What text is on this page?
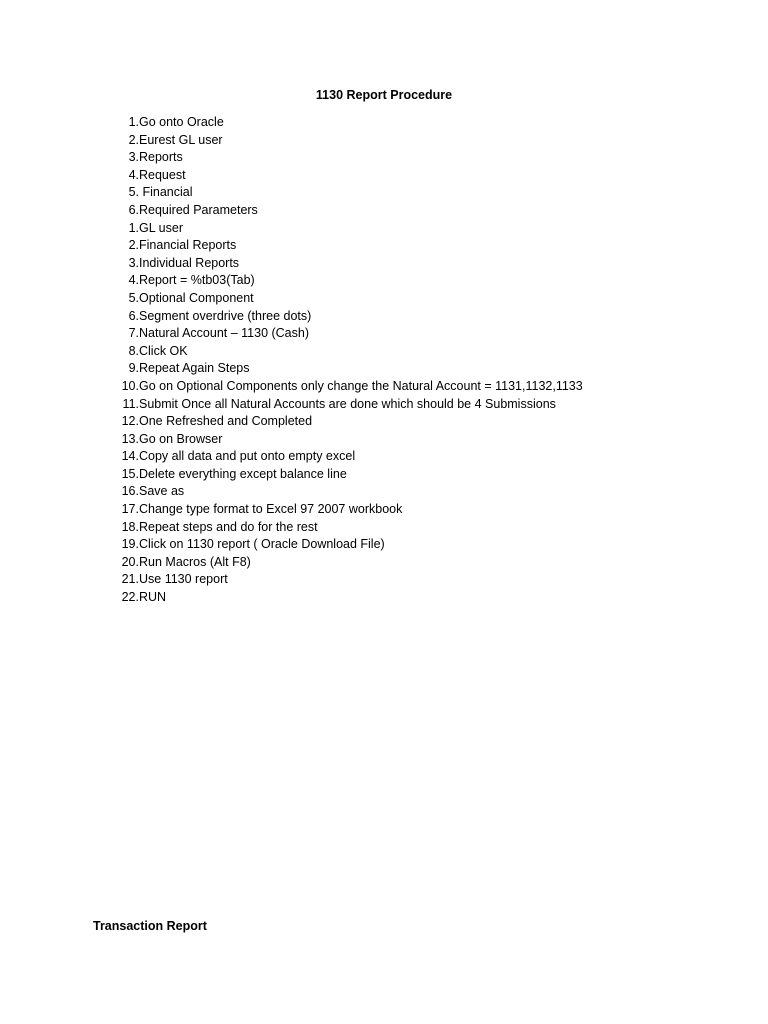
1130 Report Procedure
1. Go onto Oracle
2. Eurest GL user
3. Reports
4. Request
5. Financial
6. Required Parameters
1. GL user
2. Financial Reports
3. Individual Reports
4. Report = %tb03(Tab)
5. Optional Component
6. Segment overdrive (three dots)
7. Natural Account – 1130 (Cash)
8. Click OK
9. Repeat Again Steps
10. Go on Optional Components only change the Natural Account = 1131,1132,1133
11. Submit Once all Natural Accounts are done which should be 4 Submissions
12. One Refreshed and Completed
13. Go on Browser
14. Copy all data and put onto empty excel
15. Delete everything except balance line
16. Save as
17. Change type format to Excel 97 2007 workbook
18. Repeat steps and do for the rest
19. Click on 1130 report ( Oracle Download File)
20. Run Macros (Alt F8)
21. Use 1130 report
22. RUN
Transaction Report
